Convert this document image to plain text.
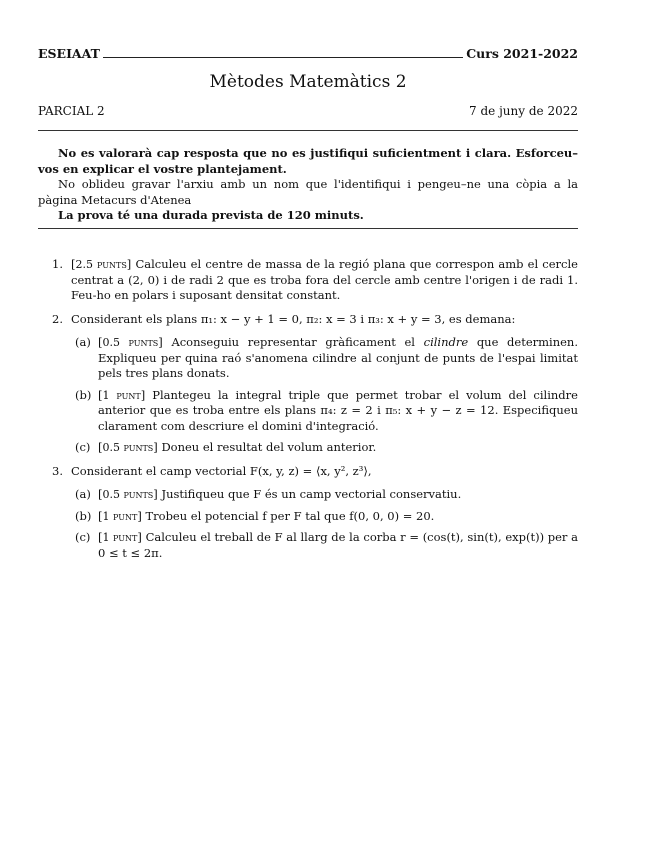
ESEIAAT	Curs 2021-2022
Mètodes Matemàtics 2
PARCIAL 2	7 de juny de 2022

No es valorarà cap resposta que no es justifiqui suficientment i clara. Esforceu–vos en explicar el vostre plantejament.

No oblideu gravar l'arxiu amb un nom que l'identifiqui i pengeu–ne una còpia a la pàgina Metacurs d'Atenea

La prova té una durada prevista de 120 minuts.

1. [2.5 punts] Calculeu el centre de massa de la regió plana que correspon amb el cercle centrat a (2, 0) i de radi 2 que es troba fora del cercle amb centre l'origen i de radi 1. Feu-ho en polars i suposant densitat constant.
2. Considerant els plans π₁: x − y + 1 = 0, π₂: x = 3 i π₃: x + y = 3, es demana:
(a) [0.5 punts] Aconseguiu representar gràficament el cilindre que determinen. Expliqueu per quina raó s'anomena cilindre al conjunt de punts de l'espai limitat pels tres plans donats.
(b) [1 punt] Plantegeu la integral triple que permet trobar el volum del cilindre anterior que es troba entre els plans π₄: z = 2 i π₅: x + y − z = 12. Especifiqueu clarament com descriure el domini d'integració.
(c) [0.5 punts] Doneu el resultat del volum anterior.
3. Considerant el camp vectorial F(x, y, z) = ⟨x, y², z³⟩,
(a) [0.5 punts] Justifiqueu que F és un camp vectorial conservatiu.
(b) [1 punt] Trobeu el potencial f per F tal que f(0, 0, 0) = 20.
(c) [1 punt] Calculeu el treball de F al llarg de la corba r = (cos(t), sin(t), exp(t)) per a 0 ≤ t ≤ 2π.
